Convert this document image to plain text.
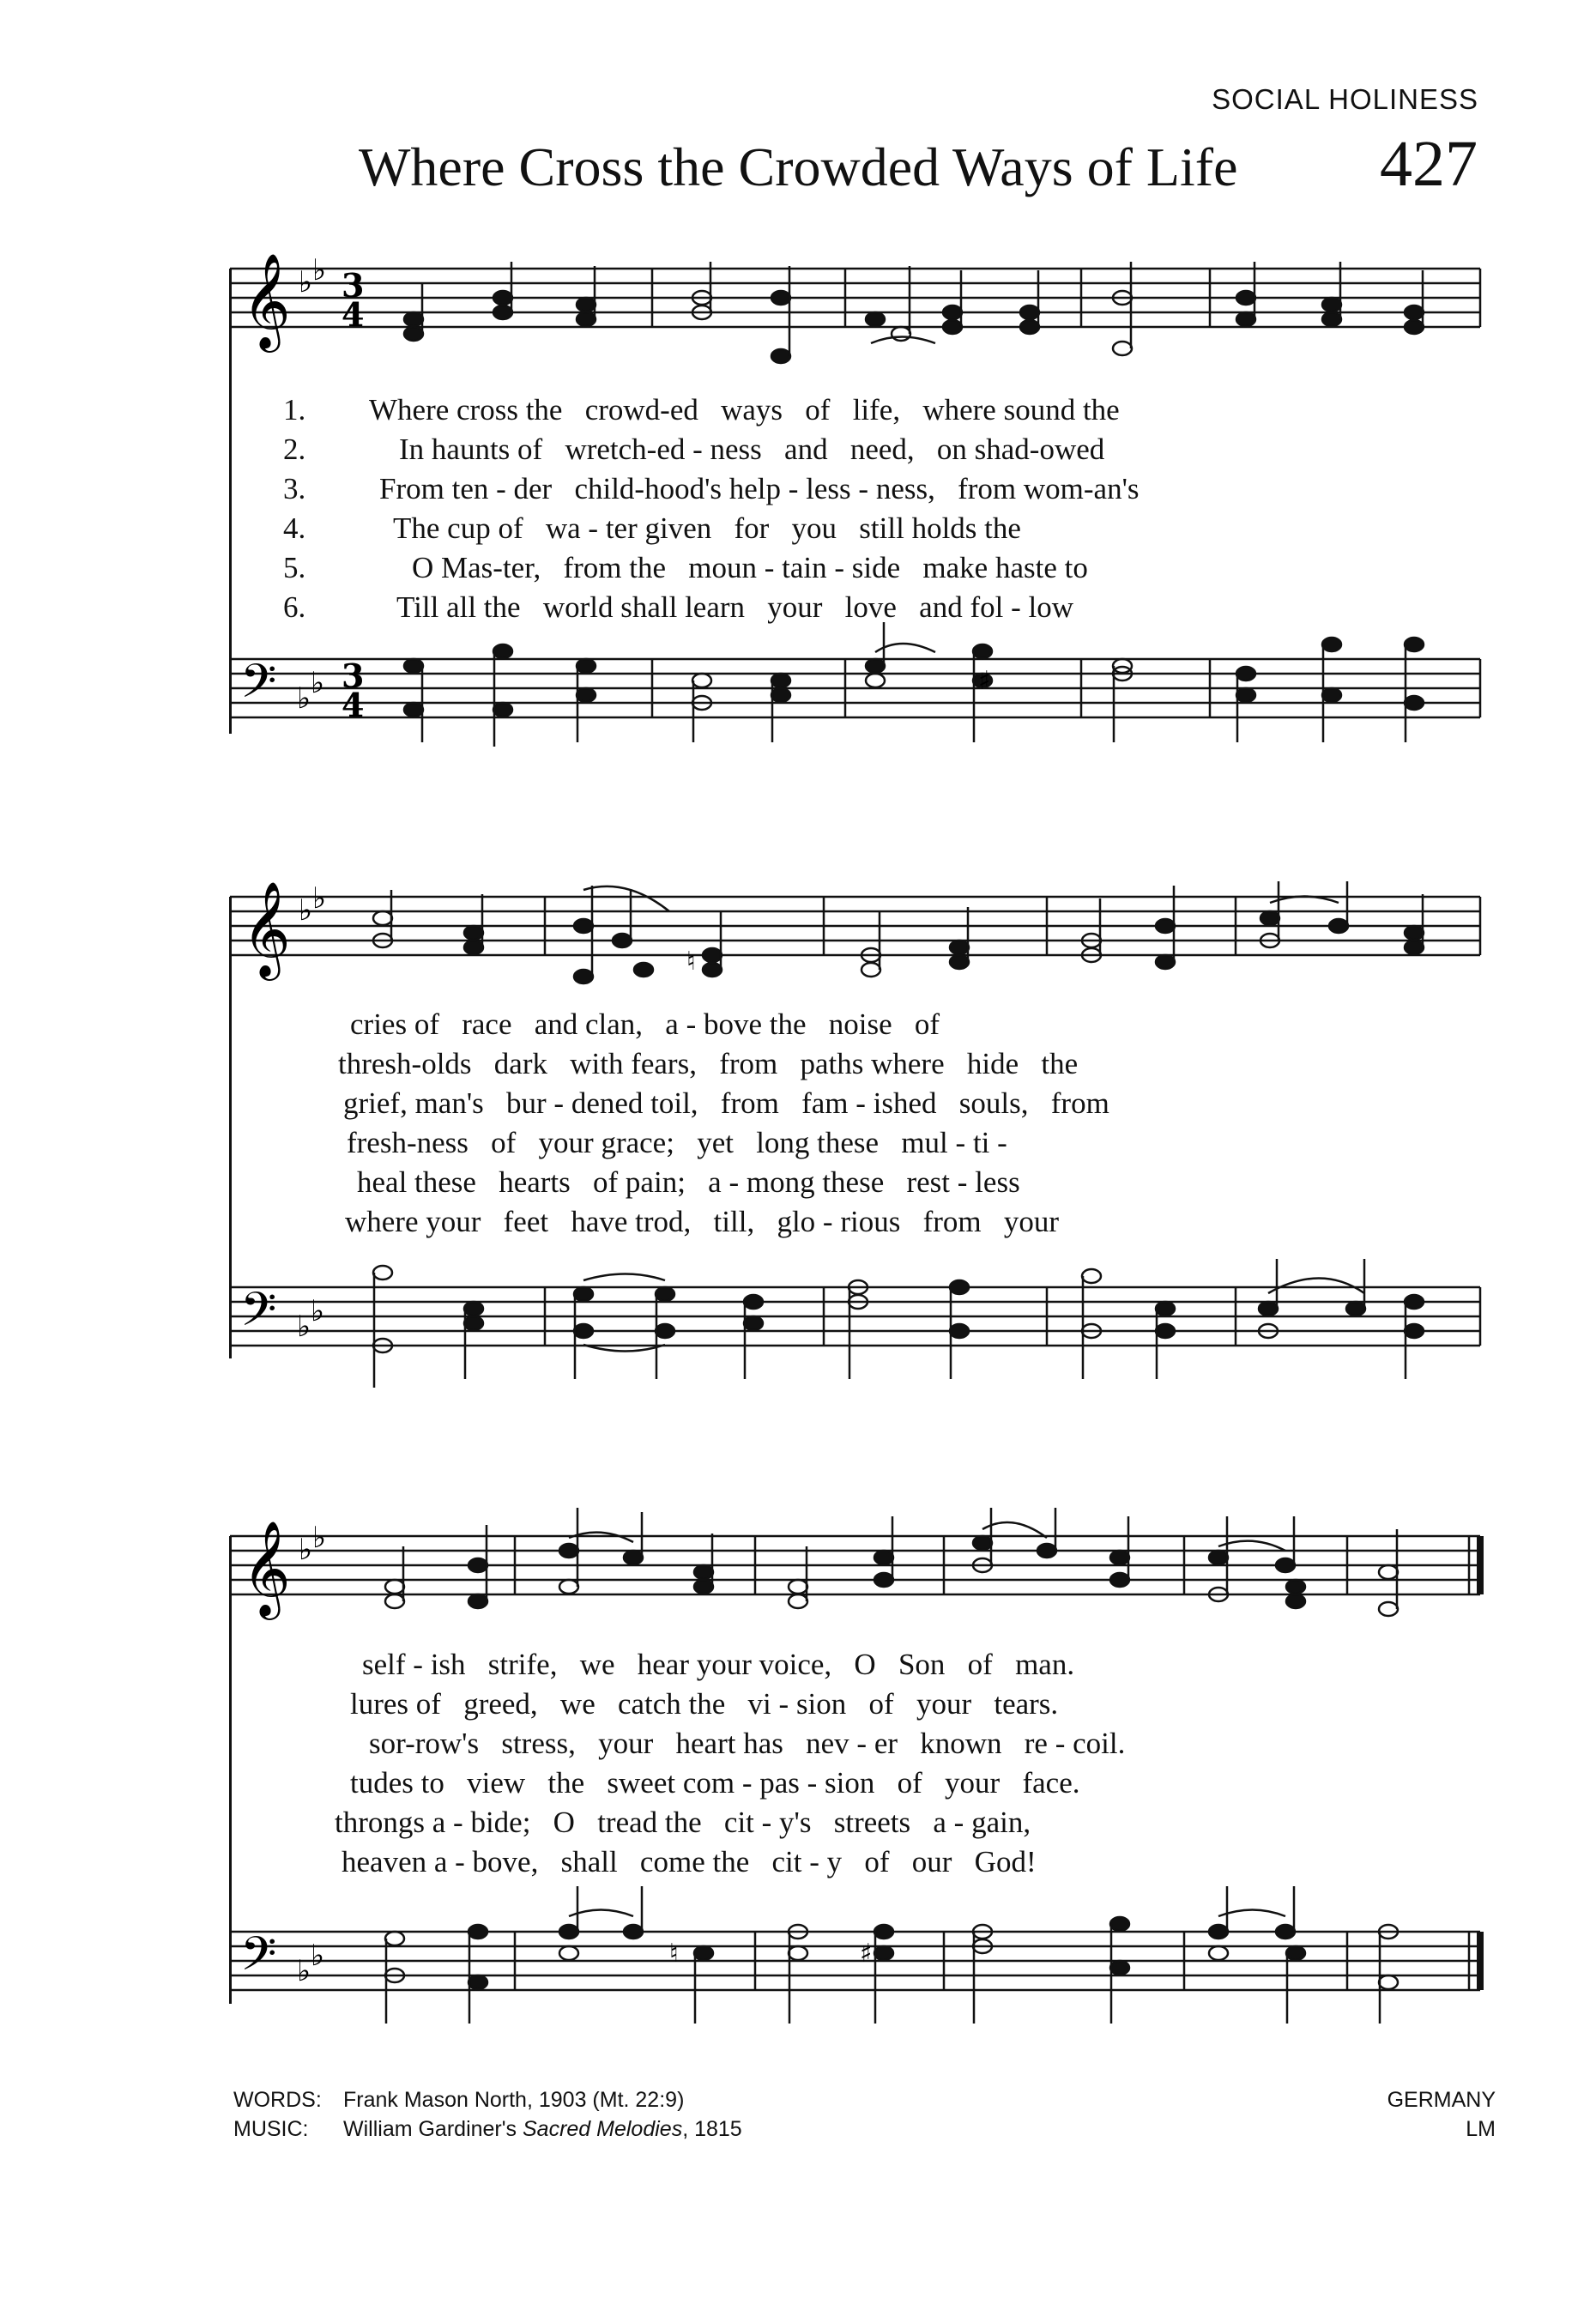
SOCIAL HOLINESS
Where Cross the Crowded Ways of Life 427
𝄞 ♭ ♭ 3
4
1.	Where cross the   crowd-ed   ways   of   life,   where sound the
2.	In haunts of   wretch-ed - ness   and   need,   on shad-owed
3.	From ten - der   child-hood's help - less - ness,   from wom-an's
4.	The cup of   wa - ter given   for   you   still holds the
5.	O Mas-ter,   from the   moun - tain - side   make haste to
6.	Till all the   world shall learn   your   love   and fol - low
𝄢 ♭ ♭ 3
4
♯
𝄞 ♭ ♭
♮
cries of   race   and clan,   a - bove the   noise   of
thresh-olds   dark   with fears,   from   paths where   hide   the
grief, man's   bur - dened toil,   from   fam - ished   souls,   from
fresh-ness   of   your grace;   yet   long these   mul - ti -
heal these   hearts   of pain;   a - mong these   rest - less
where your   feet   have trod,   till,   glo - rious   from   your
𝄢 ♭ ♭
𝄞 ♭ ♭
self - ish   strife,   we   hear your voice,   O   Son   of   man.
lures of   greed,   we   catch the   vi - sion   of   your   tears.
sor-row's   stress,   your   heart has   nev - er   known   re - coil.
tudes to   view   the   sweet com - pas - sion   of   your   face.
throngs a - bide;   O   tread the   cit - y's   streets   a - gain,
heaven a - bove,   shall   come the   cit - y   of   our   God!
𝄢 ♭ ♭	♮	♯
WORDS: Frank Mason North, 1903 (Mt. 22:9)
MUSIC: William Gardiner's Sacred Melodies, 1815
GERMANY
LM
